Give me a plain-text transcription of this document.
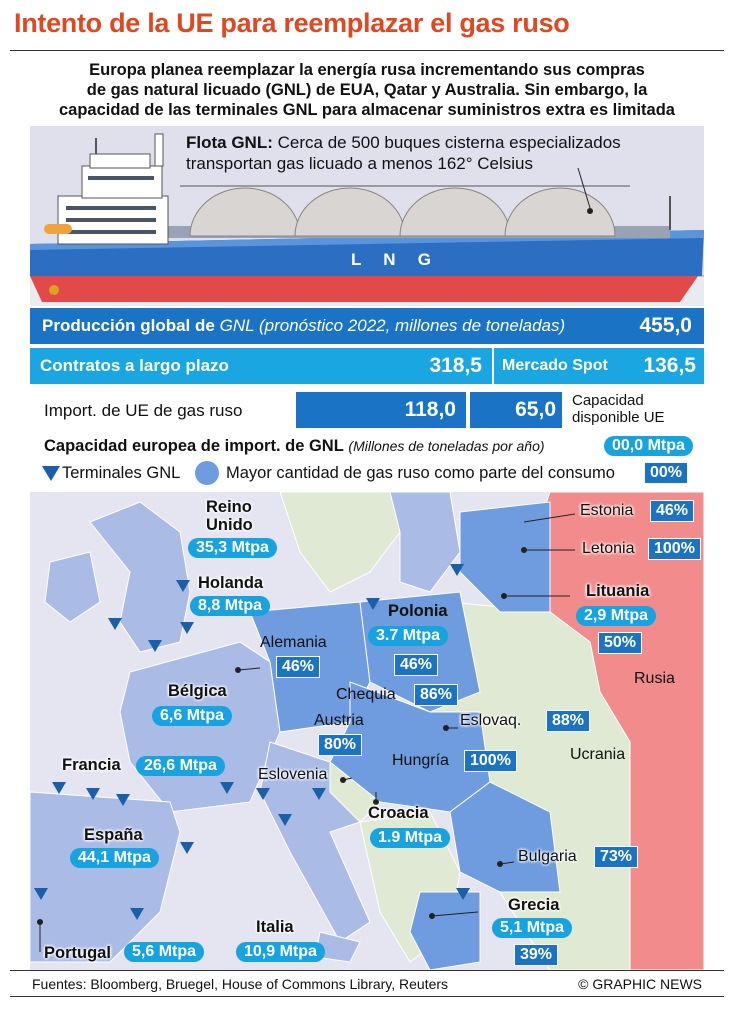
Intento de la UE para reemplazar el gas ruso
Europa planea reemplazar la energía rusa incrementando sus compras
de gas natural licuado (GNL) de EUA, Qatar y Australia. Sin embargo, la
capacidad de las terminales GNL para almacenar suministros extra es limitada
L   N   G
Flota GNL: Cerca de 500 buques cisterna especializados
transportan gas licuado a menos 162° Celsius
Producción global de GNL (pronóstico 2022, millones de toneladas)	455,0
Contratos a largo plazo	318,5 Mercado Spot 136,5
Import. de UE de gas ruso	118,0	65,0 Capacidad
disponible UE
Capacidad europea de import. de GNL (Millones de toneladas por año)	00,0 Mtpa
Terminales GNL	Mayor cantidad de gas ruso como parte del consumo	00%
Reino
Unido
35,3 Mtpa
Holanda
8,8 Mtpa
Bélgica
6,6 Mtpa
Francia	26,6 Mtpa
España
44,1 Mtpa
Portugal	5,6 Mtpa
Italia
10,9 Mtpa
Alemania
46%
Polonia
3.7 Mtpa
46%
Chequia	86%
Austria
80%
Eslovaq.	88%
Hungría	100%
Eslovenia
Croacia
1.9 Mtpa
Bulgaria	73%
Grecia
5,1 Mtpa
39%
Estonia	46%
Letonia	100%
Lituania
2,9 Mtpa
50%
Rusia
Ucrania
Fuentes: Bloomberg, Bruegel, House of Commons Library, Reuters	© GRAPHIC NEWS
